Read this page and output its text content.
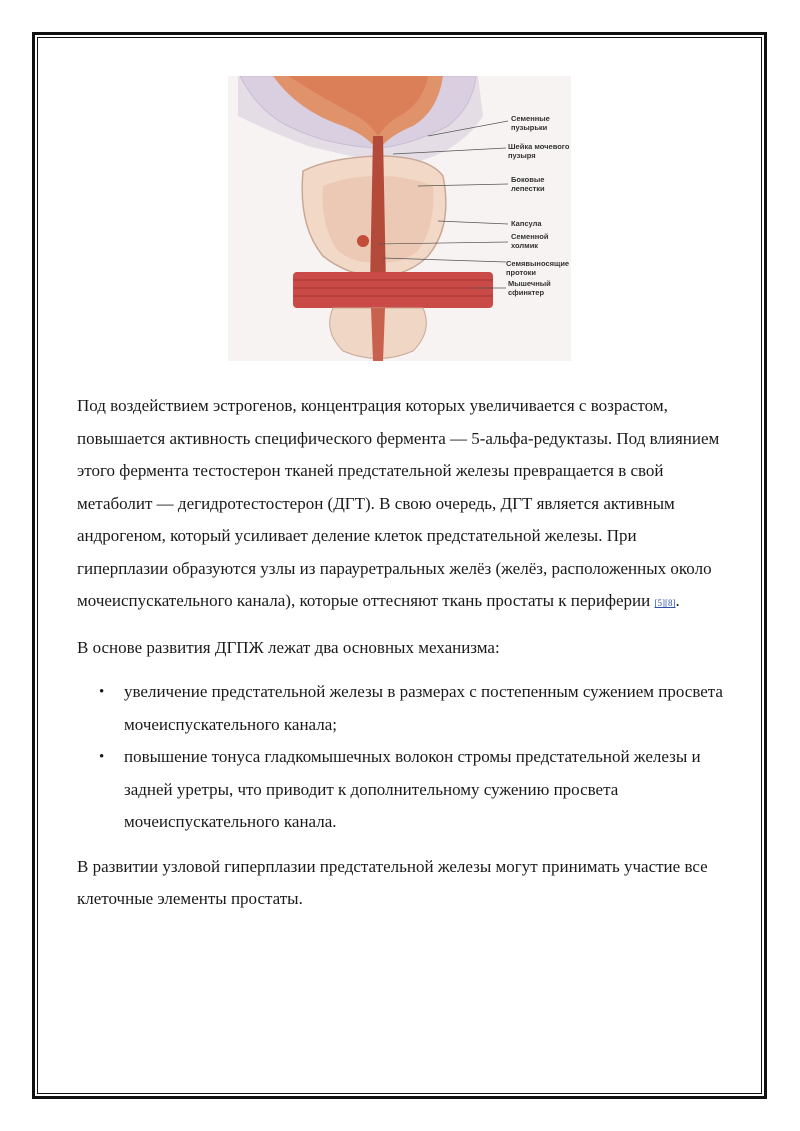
Семенные
пузырьки
Шейка мочевого
пузыря
Боковые
лепестки
Капсула
Семенной
холмик
Семявыносящие
протоки
Мышечный
сфинктер

Под воздействием эстрогенов, концентрация которых увеличивается с возрастом, повышается активность специфического фермента — 5-альфа-редуктазы. Под влиянием этого фермента тестостерон тканей предстательной железы превращается в свой метаболит — дегидротестостерон (ДГТ). В свою очередь, ДГТ является активным андрогеном, который усиливает деление клеток предстательной железы. При гиперплазии образуются узлы из парауретральных желёз (желёз, расположенных около мочеиспускательного канала), которые оттесняют ткань простаты к периферии [5][8].

В основе развития ДГПЖ лежат два основных механизма:

• увеличение предстательной железы в размерах с постепенным сужением просвета мочеиспускательного канала;
• повышение тонуса гладкомышечных волокон стромы предстательной железы и задней уретры, что приводит к дополнительному сужению просвета мочеиспускательного канала.

В развитии узловой гиперплазии предстательной железы могут принимать участие все клеточные элементы простаты.
